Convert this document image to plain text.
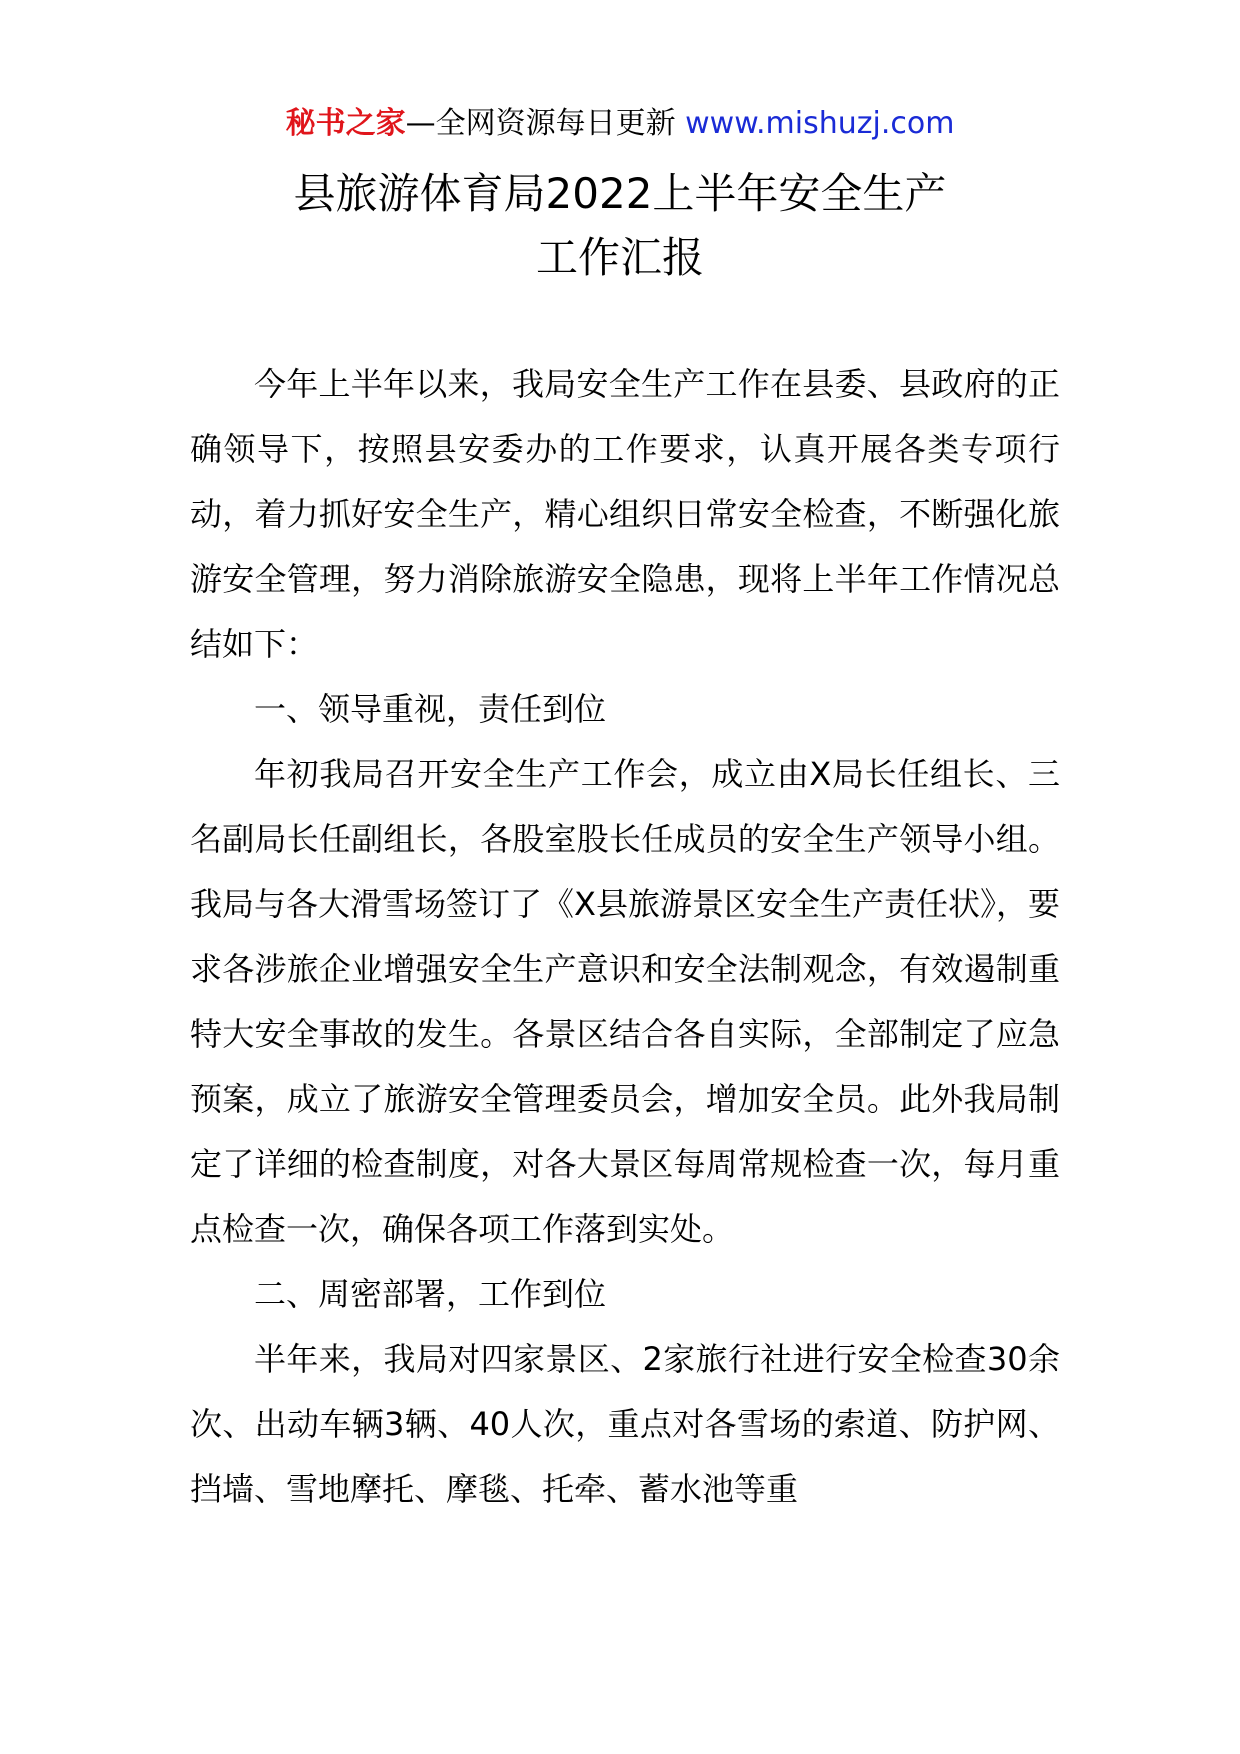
秘书之家—全网资源每日更新 www.mishuzj.com
县旅游体育局2022上半年安全生产
工作汇报

今年上半年以来，我局安全生产工作在县委、县政府的正确领导下，按照县安委办的工作要求，认真开展各类专项行动，着力抓好安全生产，精心组织日常安全检查，不断强化旅游安全管理，努力消除旅游安全隐患，现将上半年工作情况总结如下：

一、领导重视，责任到位

年初我局召开安全生产工作会，成立由X局长任组长、三名副局长任副组长，各股室股长任成员的安全生产领导小组。我局与各大滑雪场签订了《X县旅游景区安全生产责任状》，要求各涉旅企业增强安全生产意识和安全法制观念，有效遏制重特大安全事故的发生。各景区结合各自实际，全部制定了应急预案，成立了旅游安全管理委员会，增加安全员。此外我局制定了详细的检查制度，对各大景区每周常规检查一次，每月重点检查一次，确保各项工作落到实处。

二、周密部署，工作到位

半年来，我局对四家景区、2家旅行社进行安全检查30余次、出动车辆3辆、40人次，重点对各雪场的索道、防护网、挡墙、雪地摩托、摩毯、托牵、蓄水池等重
